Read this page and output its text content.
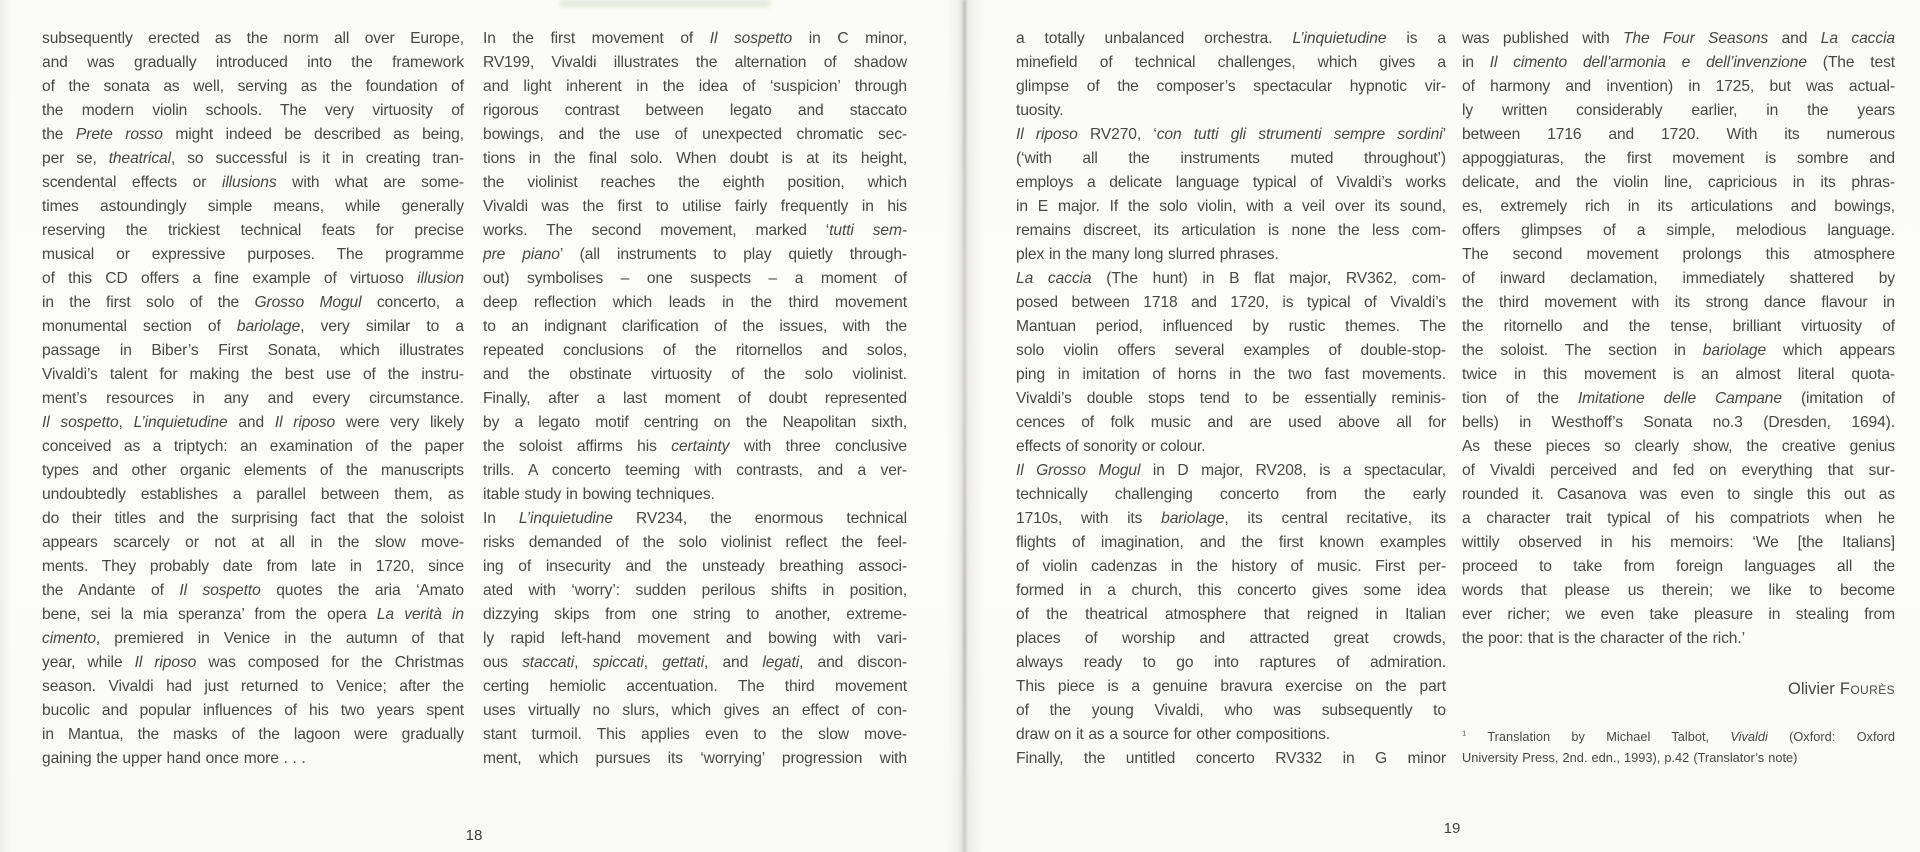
subsequently erected as the norm all over Europe,
and was gradually introduced into the framework
of the sonata as well, serving as the foundation of
the modern violin schools. The very virtuosity of
the Prete rosso might indeed be described as being,
per se, theatrical, so successful is it in creating tran-
scendental effects or illusions with what are some-
times astoundingly simple means, while generally
reserving the trickiest technical feats for precise
musical or expressive purposes. The programme
of this CD offers a fine example of virtuoso illusion
in the first solo of the Grosso Mogul concerto, a
monumental section of bariolage, very similar to a
passage in Biber’s First Sonata, which illustrates
Vivaldi’s talent for making the best use of the instru-
ment’s resources in any and every circumstance.
Il sospetto, L’inquietudine and Il riposo were very likely
conceived as a triptych: an examination of the paper
types and other organic elements of the manuscripts
undoubtedly establishes a parallel between them, as
do their titles and the surprising fact that the soloist
appears scarcely or not at all in the slow move-
ments. They probably date from late in 1720, since
the Andante of Il sospetto quotes the aria ‘Amato
bene, sei la mia speranza’ from the opera La verità in
cimento, premiered in Venice in the autumn of that
year, while Il riposo was composed for the Christmas
season. Vivaldi had just returned to Venice; after the
bucolic and popular influences of his two years spent
in Mantua, the masks of the lagoon were gradually
gaining the upper hand once more . . .
In the first movement of Il sospetto in C minor,
RV199, Vivaldi illustrates the alternation of shadow
and light inherent in the idea of ‘suspicion’ through
rigorous contrast between legato and staccato
bowings, and the use of unexpected chromatic sec-
tions in the final solo. When doubt is at its height,
the violinist reaches the eighth position, which
Vivaldi was the first to utilise fairly frequently in his
works. The second movement, marked ‘tutti sem-
pre piano’ (all instruments to play quietly through-
out) symbolises – one suspects – a moment of
deep reflection which leads in the third movement
to an indignant clarification of the issues, with the
repeated conclusions of the ritornellos and solos,
and the obstinate virtuosity of the solo violinist.
Finally, after a last moment of doubt represented
by a legato motif centring on the Neapolitan sixth,
the soloist affirms his certainty with three conclusive
trills. A concerto teeming with contrasts, and a ver-
itable study in bowing techniques.
In L’inquietudine RV234, the enormous technical
risks demanded of the solo violinist reflect the feel-
ing of insecurity and the unsteady breathing associ-
ated with ‘worry’: sudden perilous shifts in position,
dizzying skips from one string to another, extreme-
ly rapid left-hand movement and bowing with vari-
ous staccati, spiccati, gettati, and legati, and discon-
certing hemiolic accentuation. The third movement
uses virtually no slurs, which gives an effect of con-
stant turmoil. This applies even to the slow move-
ment, which pursues its ‘worrying’ progression with
a totally unbalanced orchestra. L’inquietudine is a
minefield of technical challenges, which gives a
glimpse of the composer’s spectacular hypnotic vir-
tuosity.
Il riposo RV270, ‘con tutti gli strumenti sempre sordini’
(‘with all the instruments muted throughout’)
employs a delicate language typical of Vivaldi’s works
in E major. If the solo violin, with a veil over its sound,
remains discreet, its articulation is none the less com-
plex in the many long slurred phrases.
La caccia (The hunt) in B flat major, RV362, com-
posed between 1718 and 1720, is typical of Vivaldi’s
Mantuan period, influenced by rustic themes. The
solo violin offers several examples of double-stop-
ping in imitation of horns in the two fast movements.
Vivaldi’s double stops tend to be essentially reminis-
cences of folk music and are used above all for
effects of sonority or colour.
Il Grosso Mogul in D major, RV208, is a spectacular,
technically challenging concerto from the early
1710s, with its bariolage, its central recitative, its
flights of imagination, and the first known examples
of violin cadenzas in the history of music. First per-
formed in a church, this concerto gives some idea
of the theatrical atmosphere that reigned in Italian
places of worship and attracted great crowds,
always ready to go into raptures of admiration.
This piece is a genuine bravura exercise on the part
of the young Vivaldi, who was subsequently to
draw on it as a source for other compositions.
Finally, the untitled concerto RV332 in G minor
was published with The Four Seasons and La caccia
in Il cimento dell’armonia e dell’invenzione (The test
of harmony and invention) in 1725, but was actual-
ly written considerably earlier, in the years
between 1716 and 1720. With its numerous
appoggiaturas, the first movement is sombre and
delicate, and the violin line, capricious in its phras-
es, extremely rich in its articulations and bowings,
offers glimpses of a simple, melodious language.
The second movement prolongs this atmosphere
of inward declamation, immediately shattered by
the third movement with its strong dance flavour in
the ritornello and the tense, brilliant virtuosity of
the soloist. The section in bariolage which appears
twice in this movement is an almost literal quota-
tion of the Imitatione delle Campane (imitation of
bells) in Westhoff’s Sonata no.3 (Dresden, 1694).
As these pieces so clearly show, the creative genius
of Vivaldi perceived and fed on everything that sur-
rounded it. Casanova was even to single this out as
a character trait typical of his compatriots when he
wittily observed in his memoirs: ‘We [the Italians]
proceed to take from foreign languages all the
words that please us therein; we like to become
ever richer; we even take pleasure in stealing from
the poor: that is the character of the rich.’
Olivier Fourès
$^1$ Translation by Michael Talbot, Vivaldi (Oxford: Oxford
University Press, 2nd. edn., 1993), p.42 (Translator’s note)
18	19
